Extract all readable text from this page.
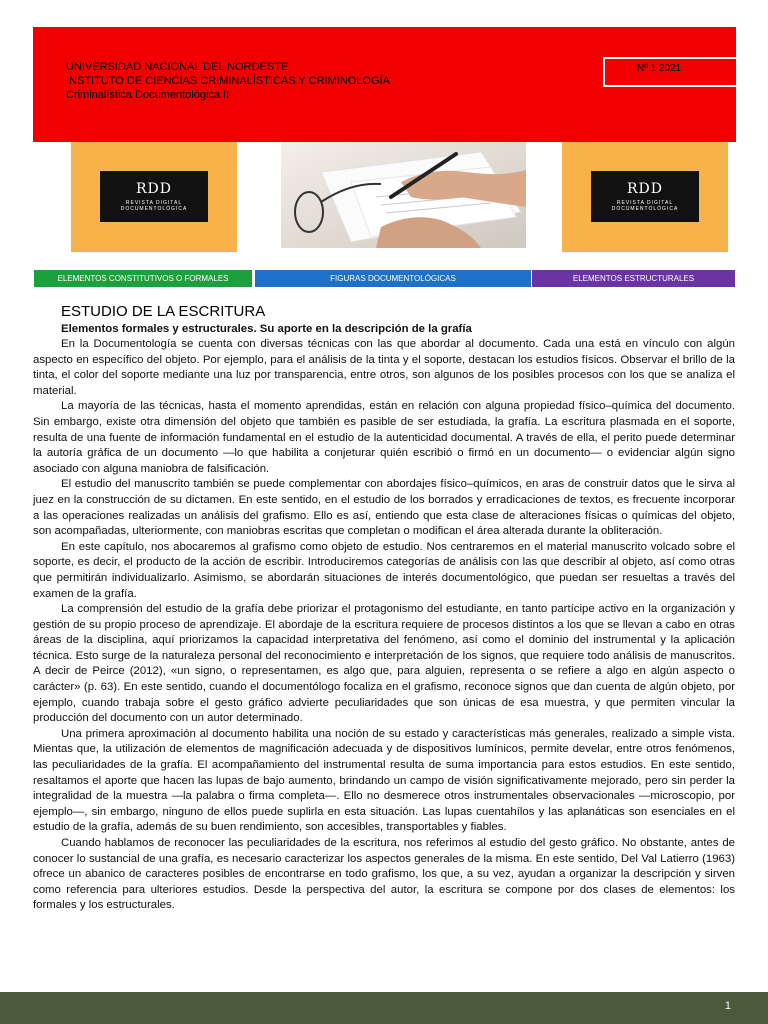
Nº 1 2021
UNIVERSIDAD NACIONAL DEL NORDESTE
INSTITUTO DE CIENCIAS CRIMINALÍSTICAS Y CRIMINOLOGÍA
Criminalística Documentológica II
RDD
REVISTA DIGITAL
DOCUMENTOLÓGICA
RDD
REVISTA DIGITAL
DOCUMENTOLÓGICA
ELEMENTOS CONSTITUTIVOS O FORMALES	FIGURAS DOCUMENTOLÓGICAS	ELEMENTOS ESTRUCTURALES
ESTUDIO DE LA ESCRITURA
Elementos formales y estructurales. Su aporte en la descripción de la grafía

En la Documentología se cuenta con diversas técnicas con las que abordar al documento. Cada una está en vínculo con algún aspecto en específico del objeto. Por ejemplo, para el análisis de la tinta y el soporte, destacan los estudios físicos. Observar el brillo de la tinta, el color del soporte mediante una luz por transparencia, entre otros, son algunos de los posibles procesos con los que se analiza el material.

La mayoría de las técnicas, hasta el momento aprendidas, están en relación con alguna propiedad físico–química del documento. Sin embargo, existe otra dimensión del objeto que también es pasible de ser estudiada, la grafía. La escritura plasmada en el soporte, resulta de una fuente de información fundamental en el estudio de la autenticidad documental. A través de ella, el perito puede determinar la autoría gráfica de un documento —lo que habilita a conjeturar quién escribió o firmó en un documento— o evidenciar algún signo asociado con alguna maniobra de falsificación.

El estudio del manuscrito también se puede complementar con abordajes físico–químicos, en aras de construir datos que le sirva al juez en la construcción de su dictamen. En este sentido, en el estudio de los borrados y erradicaciones de textos, es frecuente incorporar a las operaciones realizadas un análisis del grafismo. Ello es así, entiendo que esta clase de alteraciones físicas o químicas del objeto, son acompañadas, ulteriormente, con maniobras escritas que completan o modifican el área alterada durante la obliteración.

En este capítulo, nos abocaremos al grafismo como objeto de estudio. Nos centraremos en el material manuscrito volcado sobre el soporte, es decir, el producto de la acción de escribir. Introduciremos categorías de análisis con las que describir al objeto, así como otras que permitirán individualizarlo. Asimismo, se abordarán situaciones de interés documentológico, que puedan ser resueltas a través del examen de la grafía.

La comprensión del estudio de la grafía debe priorizar el protagonismo del estudiante, en tanto partícipe activo en la organización y gestión de su propio proceso de aprendizaje. El abordaje de la escritura requiere de procesos distintos a los que se llevan a cabo en otras áreas de la disciplina, aquí priorizamos la capacidad interpretativa del fenómeno, así como el dominio del instrumental y la aplicación técnica. Esto surge de la naturaleza personal del reconocimiento e interpretación de los signos, que requiere todo análisis de manuscritos. A decir de Peirce (2012), «un signo, o representamen, es algo que, para alguien, representa o se refiere a algo en algún aspecto o carácter» (p. 63). En este sentido, cuando el documentólogo focaliza en el grafismo, reconoce signos que dan cuenta de algún objeto, por ejemplo, cuando trabaja sobre el gesto gráfico advierte peculiaridades que son únicas de esa muestra, y que permiten vincular la producción del documento con un autor determinado.

Una primera aproximación al documento habilita una noción de su estado y características más generales, realizado a simple vista. Mientas que, la utilización de elementos de magnificación adecuada y de dispositivos lumínicos, permite develar, entre otros fenómenos, las peculiaridades de la grafía. El acompañamiento del instrumental resulta de suma importancia para estos estudios. En este sentido, resaltamos el aporte que hacen las lupas de bajo aumento, brindando un campo de visión significativamente mejorado, pero sin perder la integralidad de la muestra —la palabra o firma completa—. Ello no desmerece otros instrumentales observacionales —microscopio, por ejemplo—, sin embargo, ninguno de ellos puede suplirla en esta situación. Las lupas cuentahílos y las aplanáticas son esenciales en el estudio de la grafía, además de su buen rendimiento, son accesibles, transportables y fiables.

Cuando hablamos de reconocer las peculiaridades de la escritura, nos referimos al estudio del gesto gráfico. No obstante, antes de conocer lo sustancial de una grafía, es necesario caracterizar los aspectos generales de la misma. En este sentido, Del Val Latierro (1963) ofrece un abanico de caracteres posibles de encontrarse en todo grafismo, los que, a su vez, ayudan a organizar la descripción y sirven como referencia para ulteriores estudios. Desde la perspectiva del autor, la escritura se compone por dos clases de elementos: los formales y los estructurales.

1
